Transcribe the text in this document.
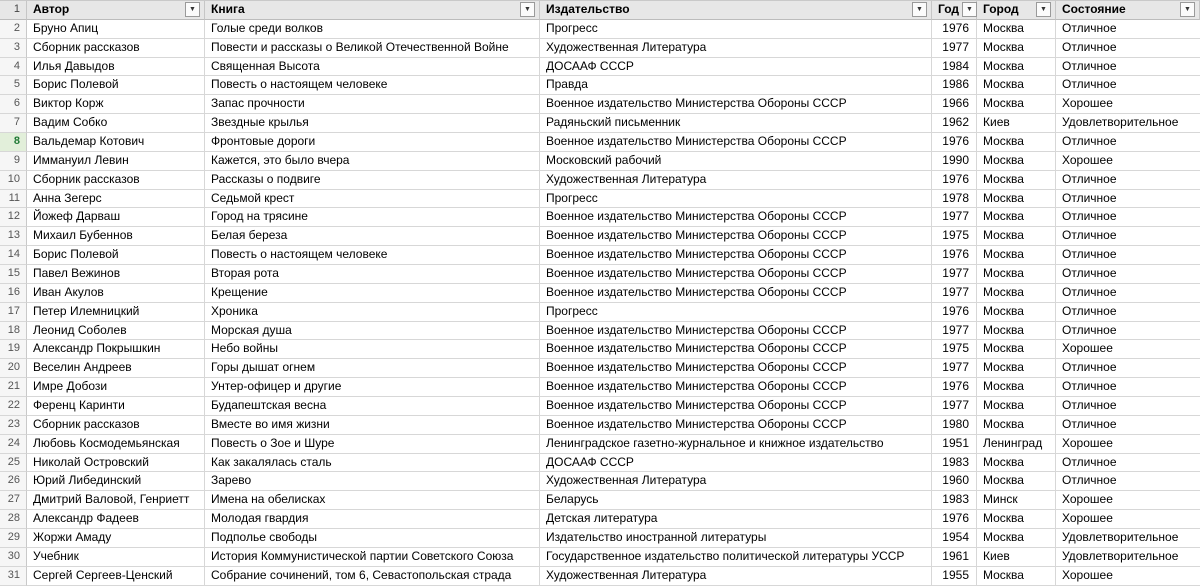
1	Автор	▼	Книга	▼	Издательство	▼	Год	▼ Город	▼	Состояние	▼
2	Бруно Апиц	Голые среди волков	Прогресс	1976	Москва	Отличное
3	Сборник рассказов	Повести и рассказы о Великой Отечественной Войне	Художественная Литература	1977	Москва	Отличное
4	Илья Давыдов	Священная Высота	ДОСААФ СССР	1984	Москва	Отличное
5	Борис Полевой	Повесть о настоящем человеке	Правда	1986	Москва	Отличное
6	Виктор Корж	Запас прочности	Военное издательство Министерства Обороны СССР	1966	Москва	Хорошее
7	Вадим Собко	Звездные крылья	Радяньский письменник	1962	Киев	Удовлетворительное
8	Вальдемар Котович	Фронтовые дороги	Военное издательство Министерства Обороны СССР	1976	Москва	Отличное
9	Иммануил Левин	Кажется, это было вчера	Московский рабочий	1990	Москва	Хорошее
10	Сборник рассказов	Рассказы о подвиге	Художественная Литература	1976	Москва	Отличное
11	Анна Зегерс	Седьмой крест	Прогресс	1978	Москва	Отличное
12	Йожеф Дарваш	Город на трясине	Военное издательство Министерства Обороны СССР	1977	Москва	Отличное
13	Михаил Бубеннов	Белая береза	Военное издательство Министерства Обороны СССР	1975	Москва	Отличное
14	Борис Полевой	Повесть о настоящем человеке	Военное издательство Министерства Обороны СССР	1976	Москва	Отличное
15	Павел Вежинов	Вторая рота	Военное издательство Министерства Обороны СССР	1977	Москва	Отличное
16	Иван Акулов	Крещение	Военное издательство Министерства Обороны СССР	1977	Москва	Отличное
17	Петер Илемницкий	Хроника	Прогресс	1976	Москва	Отличное
18	Леонид Соболев	Морская душа	Военное издательство Министерства Обороны СССР	1977	Москва	Отличное
19	Александр Покрышкин	Небо войны	Военное издательство Министерства Обороны СССР	1975	Москва	Хорошее
20	Веселин Андреев	Горы дышат огнем	Военное издательство Министерства Обороны СССР	1977	Москва	Отличное
21	Имре Добози	Унтер-офицер и другие	Военное издательство Министерства Обороны СССР	1976	Москва	Отличное
22	Ференц Каринти	Будапештская весна	Военное издательство Министерства Обороны СССР	1977	Москва	Отличное
23	Сборник рассказов	Вместе во имя жизни	Военное издательство Министерства Обороны СССР	1980	Москва	Отличное
24	Любовь Космодемьянская	Повесть о Зое и Шуре	Ленинградское газетно-журнальное и книжное издательство	1951	Ленинград	Хорошее
25	Николай Островский	Как закалялась сталь	ДОСААФ СССР	1983	Москва	Отличное
26	Юрий Либединский	Зарево	Художественная Литература	1960	Москва	Отличное
27	Дмитрий Валовой, Генриетт	Имена на обелисках	Беларусь	1983	Минск	Хорошее
28	Александр Фадеев	Молодая гвардия	Детская литература	1976	Москва	Хорошее
29	Жоржи Амаду	Подполье свободы	Издательство иностранной литературы	1954	Москва	Удовлетворительное
30	Учебник	История Коммунистической партии Советского Союза	Государственное издательство политической литературы УССР	1961	Киев	Удовлетворительное
31	Сергей Сергеев-Ценский	Собрание сочинений, том 6, Севастопольская страда	Художественная Литература	1955	Москва	Хорошее
